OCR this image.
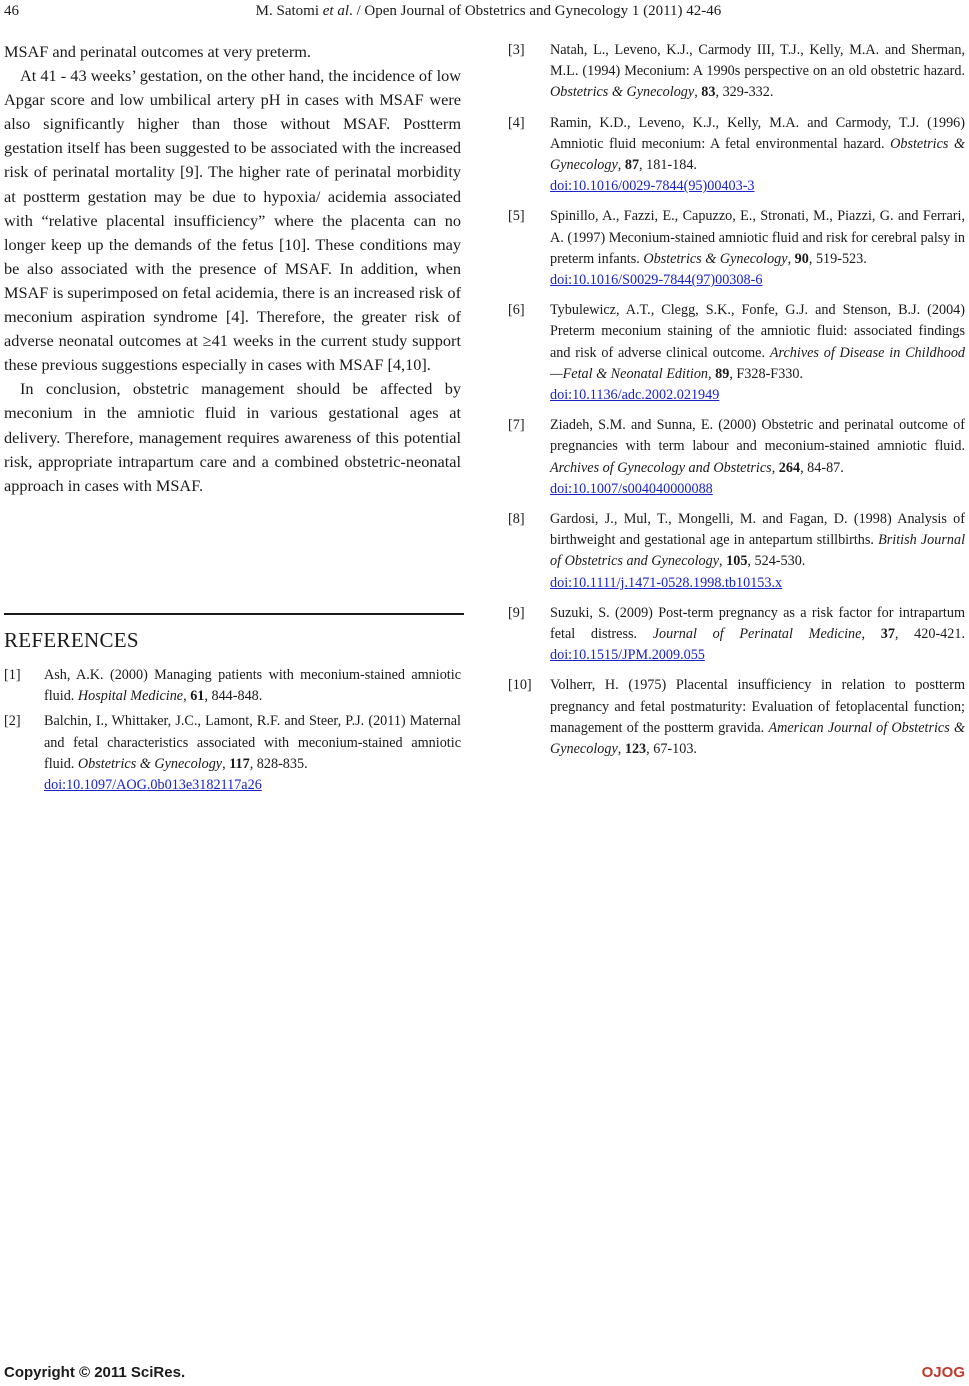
46	M. Satomi et al. / Open Journal of Obstetrics and Gynecology 1 (2011) 42-46

MSAF and perinatal outcomes at very preterm.

At 41 - 43 weeks’ gestation, on the other hand, the incidence of low Apgar score and low umbilical artery pH in cases with MSAF were also significantly higher than those without MSAF. Postterm gestation itself has been suggested to be associated with the increased risk of perinatal mortality [9]. The higher rate of perinatal morbidity at postterm gestation may be due to hypoxia/ acidemia associated with “relative placental insufficiency” where the placenta can no longer keep up the demands of the fetus [10]. These conditions may be also associated with the presence of MSAF. In addition, when MSAF is superimposed on fetal acidemia, there is an increased risk of meconium aspiration syndrome [4]. Therefore, the greater risk of adverse neonatal outcomes at ≥41 weeks in the current study support these previous suggestions especially in cases with MSAF [4,10].

In conclusion, obstetric management should be affected by meconium in the amniotic fluid in various gestational ages at delivery. Therefore, management requires awareness of this potential risk, appropriate intrapartum care and a combined obstetric-neonatal approach in cases with MSAF.

REFERENCES
[1] Ash, A.K. (2000) Managing patients with meconium-stained amniotic fluid. Hospital Medicine, 61, 844-848.
[2] Balchin, I., Whittaker, J.C., Lamont, R.F. and Steer, P.J. (2011) Maternal and fetal characteristics associated with meconium-stained amniotic fluid. Obstetrics & Gynecology, 117, 828-835.
doi:10.1097/AOG.0b013e3182117a26
[3] Natah, L., Leveno, K.J., Carmody III, T.J., Kelly, M.A. and Sherman, M.L. (1994) Meconium: A 1990s perspective on an old obstetric hazard. Obstetrics & Gynecology, 83, 329-332.
[4] Ramin, K.D., Leveno, K.J., Kelly, M.A. and Carmody, T.J. (1996) Amniotic fluid meconium: A fetal environmental hazard. Obstetrics & Gynecology, 87, 181-184.
doi:10.1016/0029-7844(95)00403-3
[5] Spinillo, A., Fazzi, E., Capuzzo, E., Stronati, M., Piazzi, G. and Ferrari, A. (1997) Meconium-stained amniotic fluid and risk for cerebral palsy in preterm infants. Obstetrics & Gynecology, 90, 519-523.
doi:10.1016/S0029-7844(97)00308-6
[6] Tybulewicz, A.T., Clegg, S.K., Fonfe, G.J. and Stenson, B.J. (2004) Preterm meconium staining of the amniotic fluid: associated findings and risk of adverse clinical outcome. Archives of Disease in Childhood—Fetal & Neonatal Edition, 89, F328-F330.
doi:10.1136/adc.2002.021949
[7] Ziadeh, S.M. and Sunna, E. (2000) Obstetric and perinatal outcome of pregnancies with term labour and meconium-stained amniotic fluid. Archives of Gynecology and Obstetrics, 264, 84-87.
doi:10.1007/s004040000088
[8] Gardosi, J., Mul, T., Mongelli, M. and Fagan, D. (1998) Analysis of birthweight and gestational age in antepartum stillbirths. British Journal of Obstetrics and Gynecology, 105, 524-530.
doi:10.1111/j.1471-0528.1998.tb10153.x
[9] Suzuki, S. (2009) Post-term pregnancy as a risk factor for intrapartum fetal distress. Journal of Perinatal Medicine, 37, 420-421. doi:10.1515/JPM.2009.055
[10] Volherr, H. (1975) Placental insufficiency in relation to postterm pregnancy and fetal postmaturity: Evaluation of fetoplacental function; management of the postterm gravida. American Journal of Obstetrics & Gynecology, 123, 67-103.
Copyright © 2011 SciRes.	OJOG
